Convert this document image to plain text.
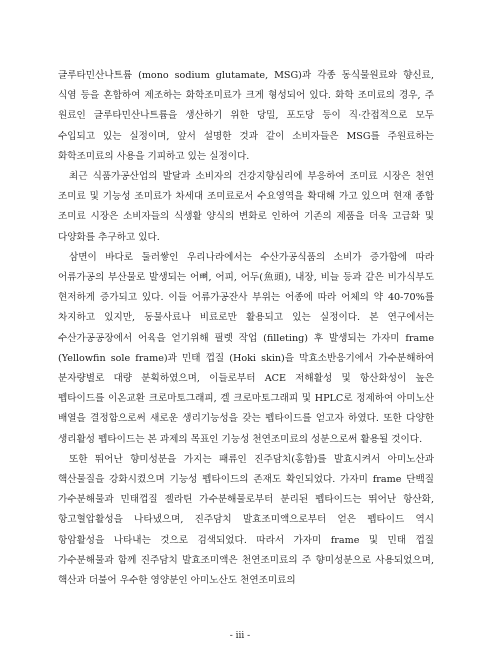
글루타민산나트륨 (mono sodium glutamate, MSG)과 각종 동식물원료와 향신료, 식염 등을 혼합하여 제조하는 화학조미료가 크게 형성되어 있다. 화학 조미료의 경우, 주 원료인 글루타민산나트륨을 생산하기 위한 당밀, 포도당 등이 직·간접적으로 모두 수입되고 있는 실정이며, 앞서 설명한 것과 같이 소비자들은 MSG를 주원료하는 화학조미료의 사용을 기피하고 있는 실정이다.

최근 식품가공산업의 발달과 소비자의 건강지향심리에 부응하여 조미료 시장은 천연 조미료 및 기능성 조미료가 차세대 조미료로서 수요영역을 확대해 가고 있으며 현재 종합 조미료 시장은 소비자들의 식생활 양식의 변화로 인하여 기존의 제품을 더욱 고급화 및 다양화를 추구하고 있다.

삼면이 바다로 둘러쌓인 우리나라에서는 수산가공식품의 소비가 증가함에 따라 어류가공의 부산물로 발생되는 어뼈, 어피, 어두(魚頭), 내장, 비늘 등과 같은 비가식부도 현저하게 증가되고 있다. 이들 어류가공잔사 부위는 어종에 따라 어체의 약 40-70%를 차지하고 있지만, 동물사료나 비료로만 활용되고 있는 실정이다. 본 연구에서는 수산가공공장에서 어육을 얻기위해 필렛 작업 (filleting) 후 발생되는 가자미 frame (Yellowfin sole frame)과 민태 껍질 (Hoki skin)을 막효소반응기에서 가수분해하여 분자량별로 대량 분획하였으며, 이들로부터 ACE 저해활성 및 항산화성이 높은 펩타이드를 이온교환 크로마토그래피, 겔 크로마토그래피 및 HPLC로 정제하여 아미노산 배열을 결정함으로써 새로운 생리기능성을 갖는 펩타이드를 얻고자 하였다. 또한 다양한 생리활성 펩타이드는 본 과제의 목표인 기능성 천연조미료의 성분으로써 활용될 것이다.

또한 뛰어난 향미성분을 가지는 패류인 진주담치(홍합)를 발효시켜서 아미노산과 핵산물질을 강화시켰으며 기능성 펩타이드의 존재도 확인되었다. 가자미 frame 단백질 가수분해물과 민태껍질 젤라틴 가수분해물로부터 분리된 펩타이드는 뛰어난 항산화, 항고혈압활성을 나타냈으며, 진주담치 발효조미액으로부터 얻은 펩타이드 역시 항암활성을 나타내는 것으로 검색되었다. 따라서 가자미 frame 및 민태 껍질 가수분해물과 함께 진주담치 발효조미액은 천연조미료의 주 향미성분으로 사용되었으며, 핵산과 더불어 우수한 영양분인 아미노산도 천연조미료의

- iii -
